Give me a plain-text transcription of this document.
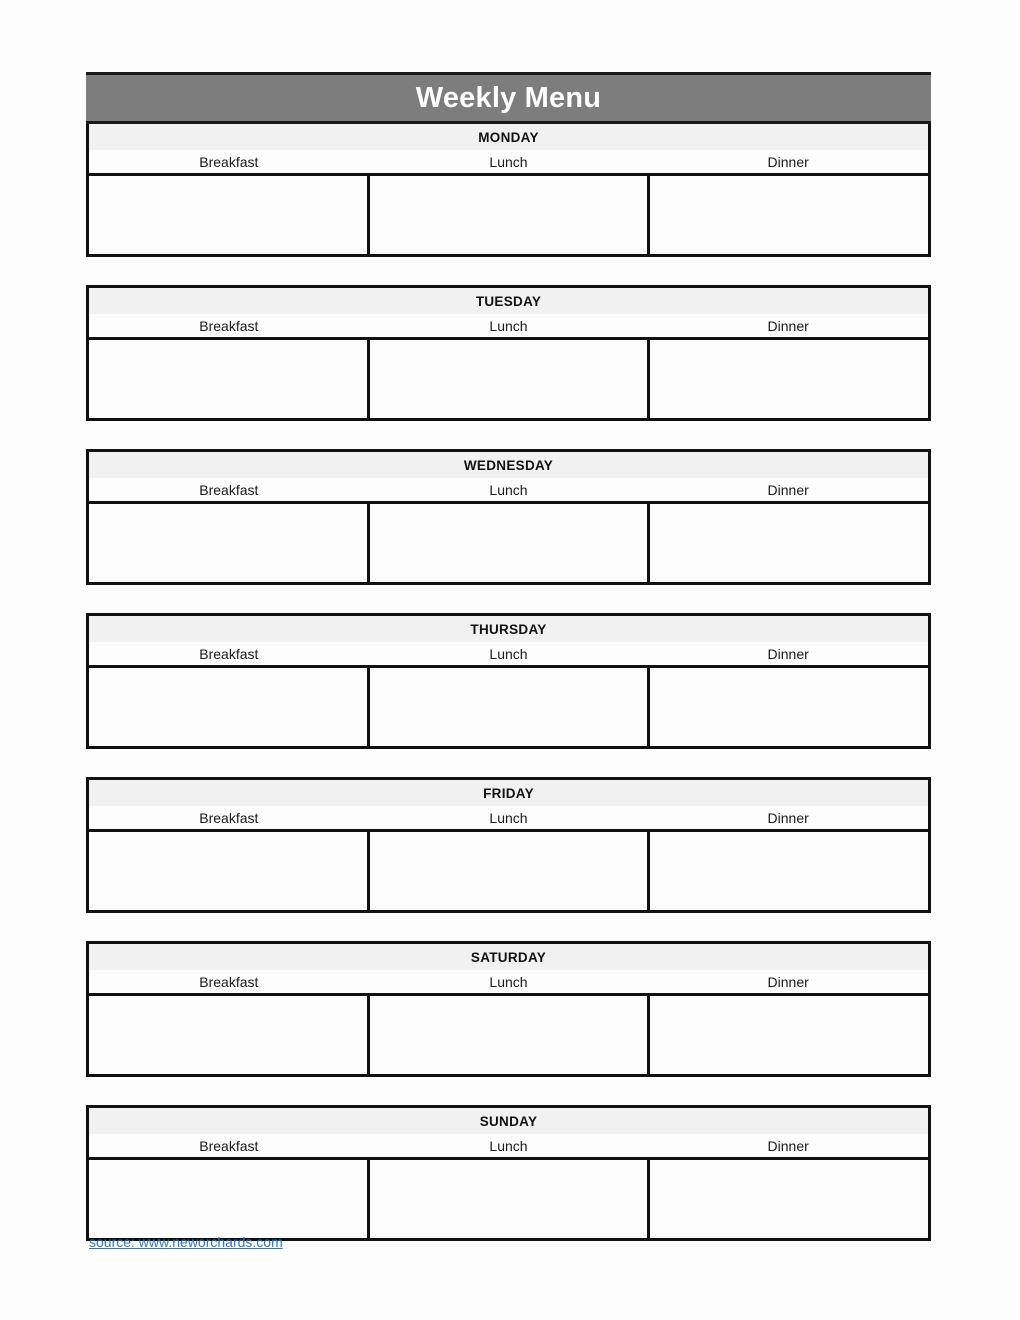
Weekly Menu
MONDAY
Breakfast	Lunch	Dinner
TUESDAY
Breakfast	Lunch	Dinner
WEDNESDAY
Breakfast	Lunch	Dinner
THURSDAY
Breakfast	Lunch	Dinner
FRIDAY
Breakfast	Lunch	Dinner
SATURDAY
Breakfast	Lunch	Dinner
SUNDAY
Breakfast	Lunch	Dinner
source: www.neworchards.com
